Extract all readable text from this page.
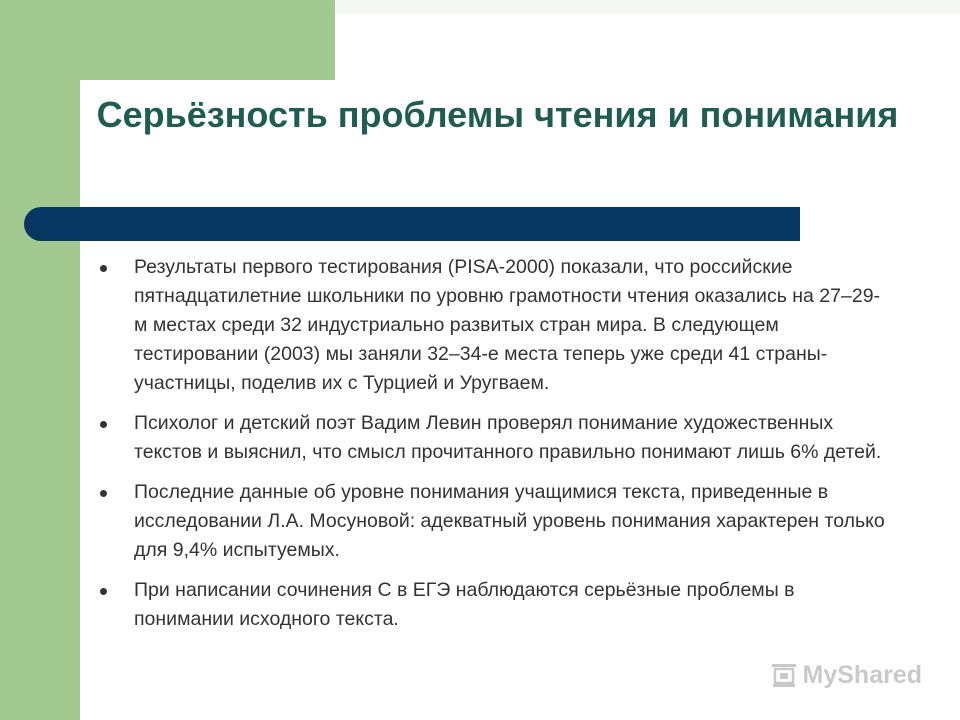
Серьёзность проблемы чтения и понимания
Результаты первого тестирования (PISA-2000) показали, что российские пятнадцатилетние школьники по уровню грамотности чтения оказались на 27–29-м местах среди 32 индустриально развитых стран мира. В следующем тестировании (2003) мы заняли 32–34-е места теперь уже среди 41 страны-участницы, поделив их с Турцией и Уругваем.
Психолог и детский поэт Вадим Левин проверял понимание художественных текстов и выяснил, что смысл прочитанного правильно понимают лишь 6% детей.
Последние данные об уровне понимания учащимися текста, приведенные в исследовании Л.А. Мосуновой: адекватный уровень понимания характерен только для 9,4% испытуемых.
При написании сочинения С в ЕГЭ наблюдаются серьёзные проблемы в понимании исходного текста.
MyShared
